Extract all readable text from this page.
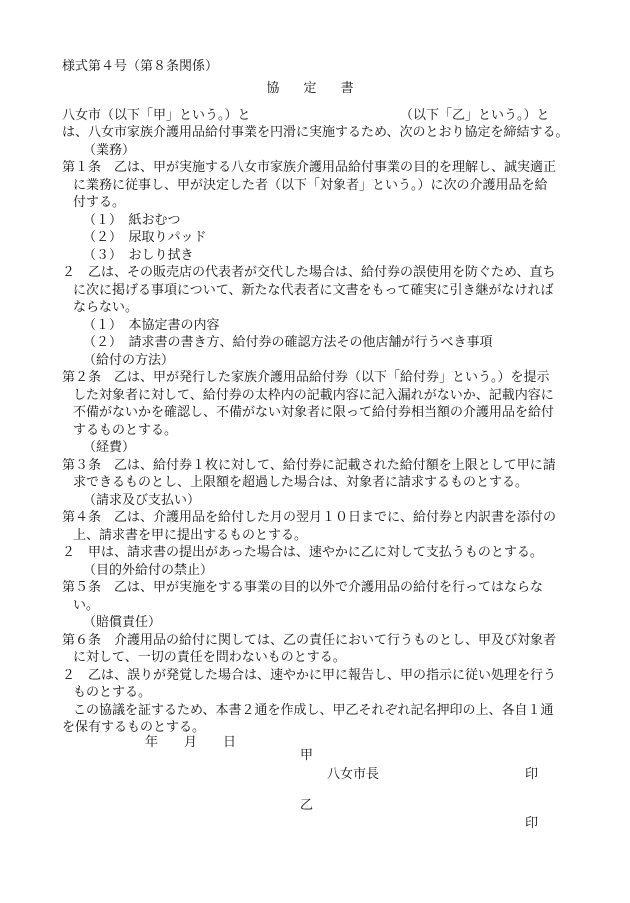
様式第４号（第８条関係）
協 定 書
八女市（以下「甲」という。）と　　　　　　　　　　　　（以下「乙」という。）と
は、八女市家族介護用品給付事業を円滑に実施するため、次のとおり協定を締結する。
（業務）
第１条　乙は、甲が実施する八女市家族介護用品給付事業の目的を理解し、誠実適正
に業務に従事し、甲が決定した者（以下「対象者」という。）に次の介護用品を給
付する。
（１）　紙おむつ
（２）　尿取りパッド
（３）　おしり拭き
２　乙は、その販売店の代表者が交代した場合は、給付券の誤使用を防ぐため、直ち
に次に掲げる事項について、新たな代表者に文書をもって確実に引き継がなければ
ならない。
（１）　本協定書の内容
（２）　請求書の書き方、給付券の確認方法その他店舗が行うべき事項
（給付の方法）
第２条　乙は、甲が発行した家族介護用品給付券（以下「給付券」という。）を提示
した対象者に対して、給付券の太枠内の記載内容に記入漏れがないか、記載内容に
不備がないかを確認し、不備がない対象者に限って給付券相当額の介護用品を給付
するものとする。
（経費）
第３条　乙は、給付券１枚に対して、給付券に記載された給付額を上限として甲に請
求できるものとし、上限額を超過した場合は、対象者に請求するものとする。
（請求及び支払い）
第４条　乙は、介護用品を給付した月の翌月１０日までに、給付券と内訳書を添付の
上、請求書を甲に提出するものとする。
２　甲は、請求書の提出があった場合は、速やかに乙に対して支払うものとする。
（目的外給付の禁止）
第５条　乙は、甲が実施をする事業の目的以外で介護用品の給付を行ってはならな
い。
（賠償責任）
第６条　介護用品の給付に関しては、乙の責任において行うものとし、甲及び対象者
に対して、一切の責任を問わないものとする。
２　乙は、誤りが発覚した場合は、速やかに甲に報告し、甲の指示に従い処理を行う
ものとする。
この協議を証するため、本書２通を作成し、甲乙それぞれ記名押印の上、各自１通
を保有するものとする。
年　　月　　日
甲
八女市長	印
乙
印
